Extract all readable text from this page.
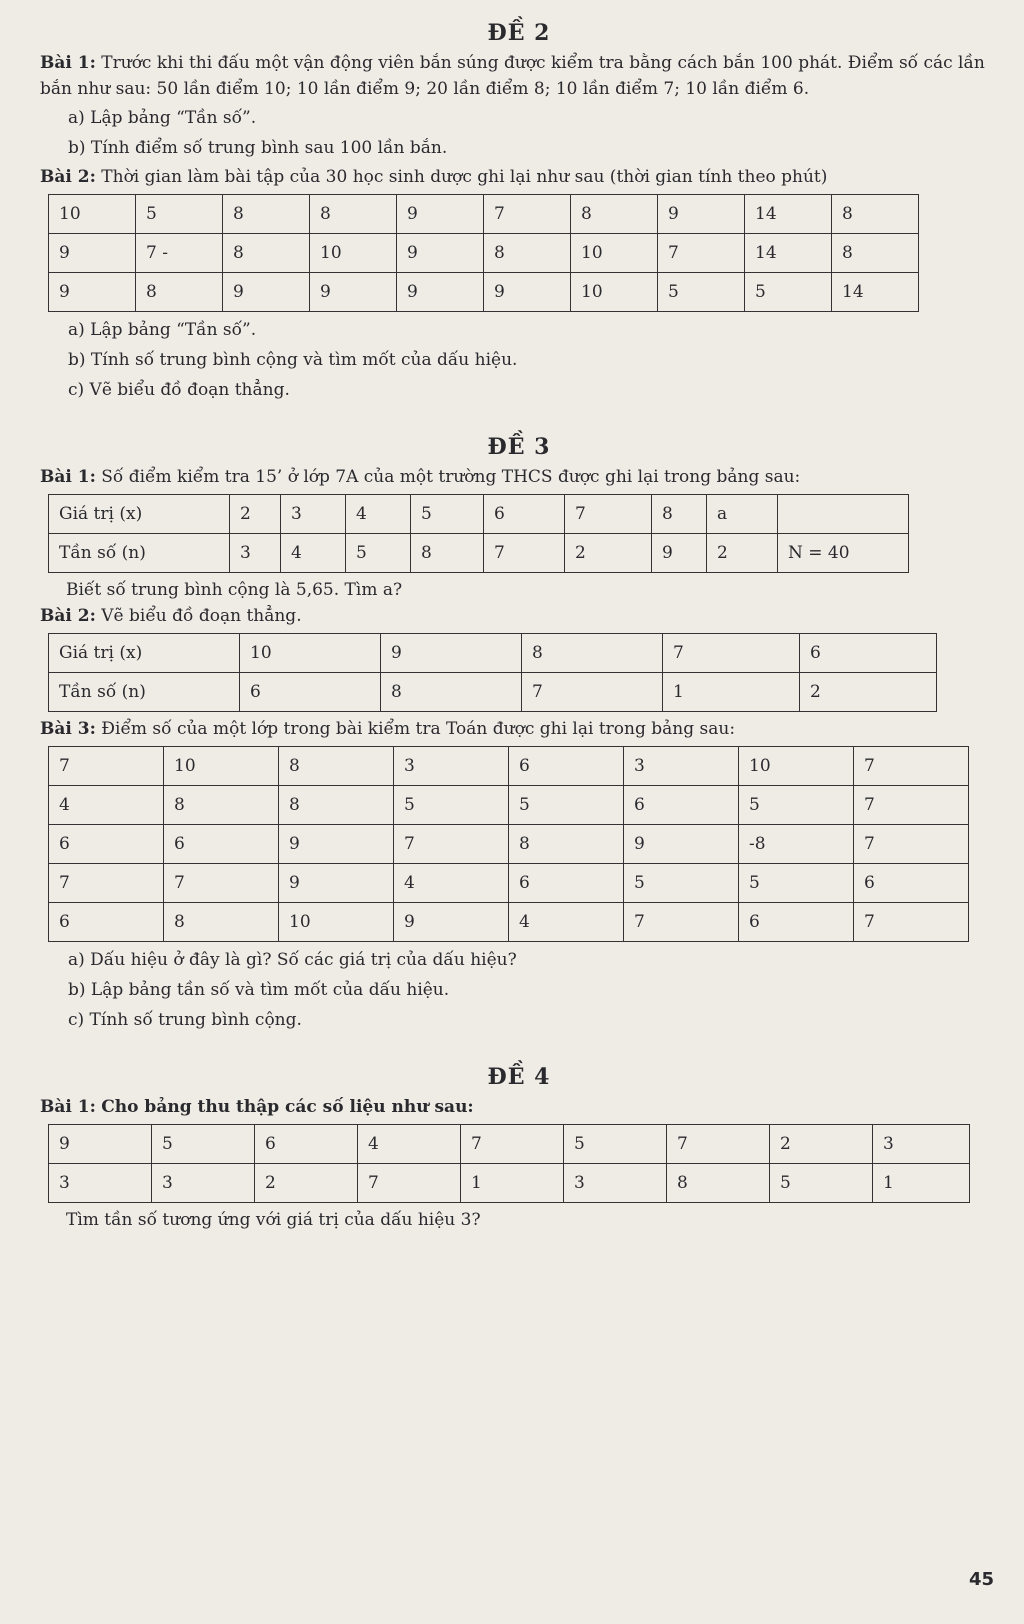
ĐỀ 2

Bài 1: Trước khi thi đấu một vận động viên bắn súng được kiểm tra bằng cách bắn 100 phát. Điểm số các lần bắn như sau: 50 lần điểm 10; 10 lần điểm 9; 20 lần điểm 8; 10 lần điểm 7; 10 lần điểm 6.

a) Lập bảng “Tần số”.

b) Tính điểm số trung bình sau 100 lần bắn.

Bài 2: Thời gian làm bài tập của 30 học sinh dược ghi lại như sau (thời gian tính theo phút)

10	5	8	8	9	7	8	9	14	8
9	7 -	8	10	9	8	10	7	14	8
9	8	9	9	9	9	10	5	5	14

a) Lập bảng “Tần số”.

b) Tính số trung bình cộng và tìm mốt của dấu hiệu.

c) Vẽ biểu đồ đoạn thẳng.

ĐỀ 3

Bài 1: Số điểm kiểm tra 15’ ở lớp 7A của một trường THCS được ghi lại trong bảng sau:

Giá trị (x)	2	3	4	5	6	7	8	a	
Tần số (n)	3	4	5	8	7	2	9	2	N = 40

Biết số trung bình cộng là 5,65. Tìm a?

Bài 2: Vẽ biểu đồ đoạn thẳng.

Giá trị (x)	10	9	8	7	6
Tần số (n)	6	8	7	1	2

Bài 3: Điểm số của một lớp trong bài kiểm tra Toán được ghi lại trong bảng sau:

7	10	8	3	6	3	10	7
4	8	8	5	5	6	5	7
6	6	9	7	8	9	-8	7
7	7	9	4	6	5	5	6
6	8	10	9	4	7	6	7

a) Dấu hiệu ở đây là gì? Số các giá trị của dấu hiệu?

b) Lập bảng tần số và tìm mốt của dấu hiệu.

c) Tính số trung bình cộng.

ĐỀ 4

Bài 1: Cho bảng thu thập các số liệu như sau:

9	5	6	4	7	5	7	2	3
3	3	2	7	1	3	8	5	1

Tìm tần số tương ứng với giá trị của dấu hiệu 3?

45
